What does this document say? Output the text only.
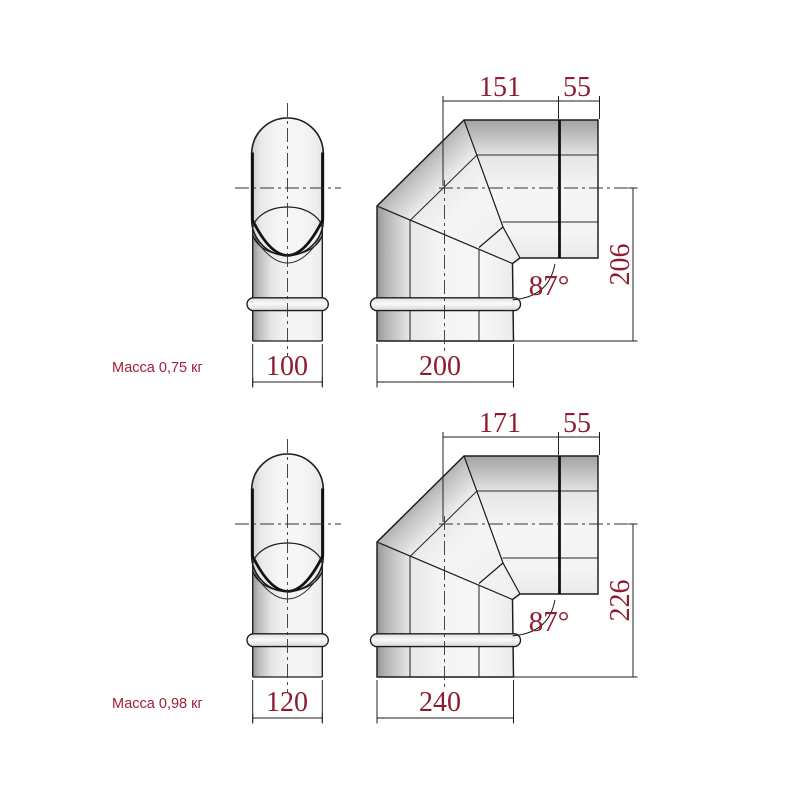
151 55
206
200
100
87°
Масса 0,75 кг
171 55
226
240
120
87°
Масса 0,98 кг
